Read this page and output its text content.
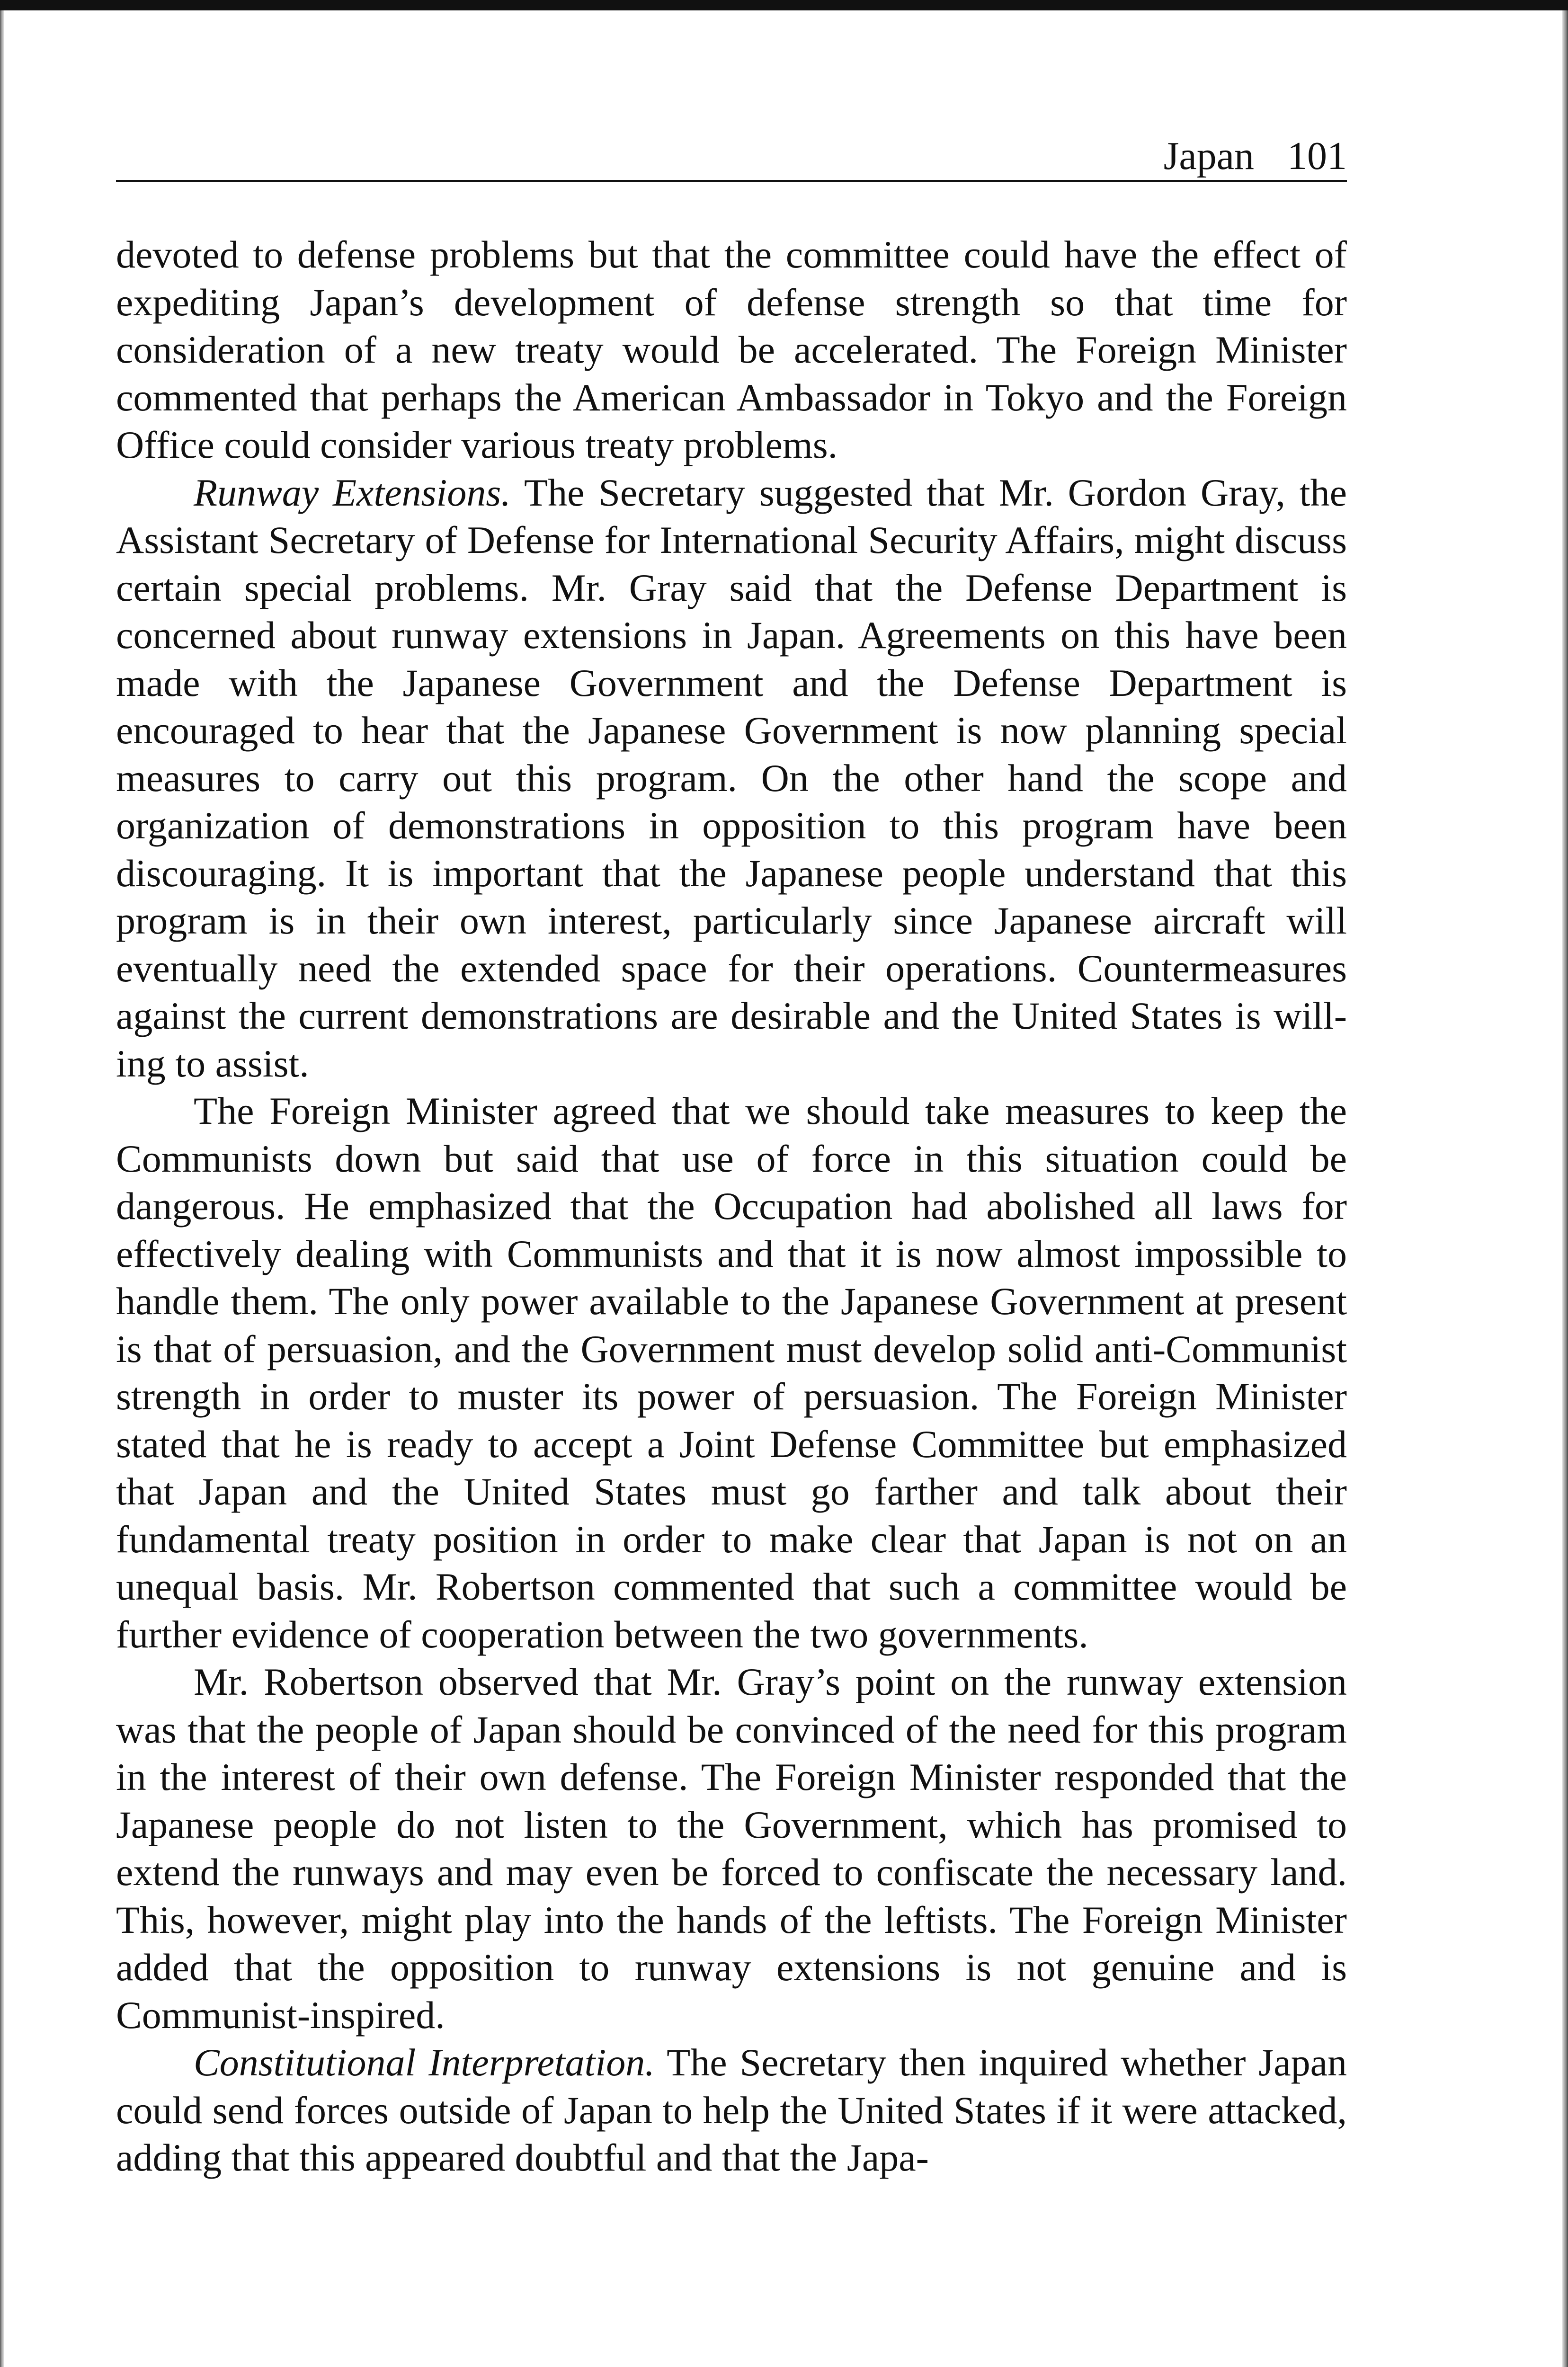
Japan 101

devoted to defense problems but that the committee could have the effect of expediting Japan’s development of defense strength so that time for consideration of a new treaty would be accelerated. The Foreign Minister commented that perhaps the American Ambassador in Tokyo and the Foreign Office could consider various treaty problems.

Runway Extensions. The Secretary suggested that Mr. Gordon Gray, the Assistant Secretary of Defense for International Security Affairs, might discuss certain special problems. Mr. Gray said that the Defense Department is concerned about runway extensions in Japan. Agreements on this have been made with the Japanese Government and the Defense Department is encouraged to hear that the Japanese Government is now planning special measures to carry out this program. On the other hand the scope and organization of demonstrations in opposition to this program have been discouraging. It is important that the Japanese people understand that this program is in their own interest, particularly since Japanese aircraft will eventually need the extended space for their operations. Countermeasures against the current demonstrations are desirable and the United States is willing to assist.

The Foreign Minister agreed that we should take measures to keep the Communists down but said that use of force in this situation could be dangerous. He emphasized that the Occupation had abolished all laws for effectively dealing with Communists and that it is now almost impossible to handle them. The only power available to the Japanese Government at present is that of persuasion, and the Government must develop solid anti-Communist strength in order to muster its power of persuasion. The Foreign Minister stated that he is ready to accept a Joint Defense Committee but emphasized that Japan and the United States must go farther and talk about their fundamental treaty position in order to make clear that Japan is not on an unequal basis. Mr. Robertson commented that such a committee would be further evidence of cooperation between the two governments.

Mr. Robertson observed that Mr. Gray’s point on the runway extension was that the people of Japan should be convinced of the need for this program in the interest of their own defense. The Foreign Minister responded that the Japanese people do not listen to the Government, which has promised to extend the runways and may even be forced to confiscate the necessary land. This, however, might play into the hands of the leftists. The Foreign Minister added that the opposition to runway extensions is not genuine and is Communist-inspired.

Constitutional Interpretation. The Secretary then inquired whether Japan could send forces outside of Japan to help the United States if it were attacked, adding that this appeared doubtful and that the Japa-
